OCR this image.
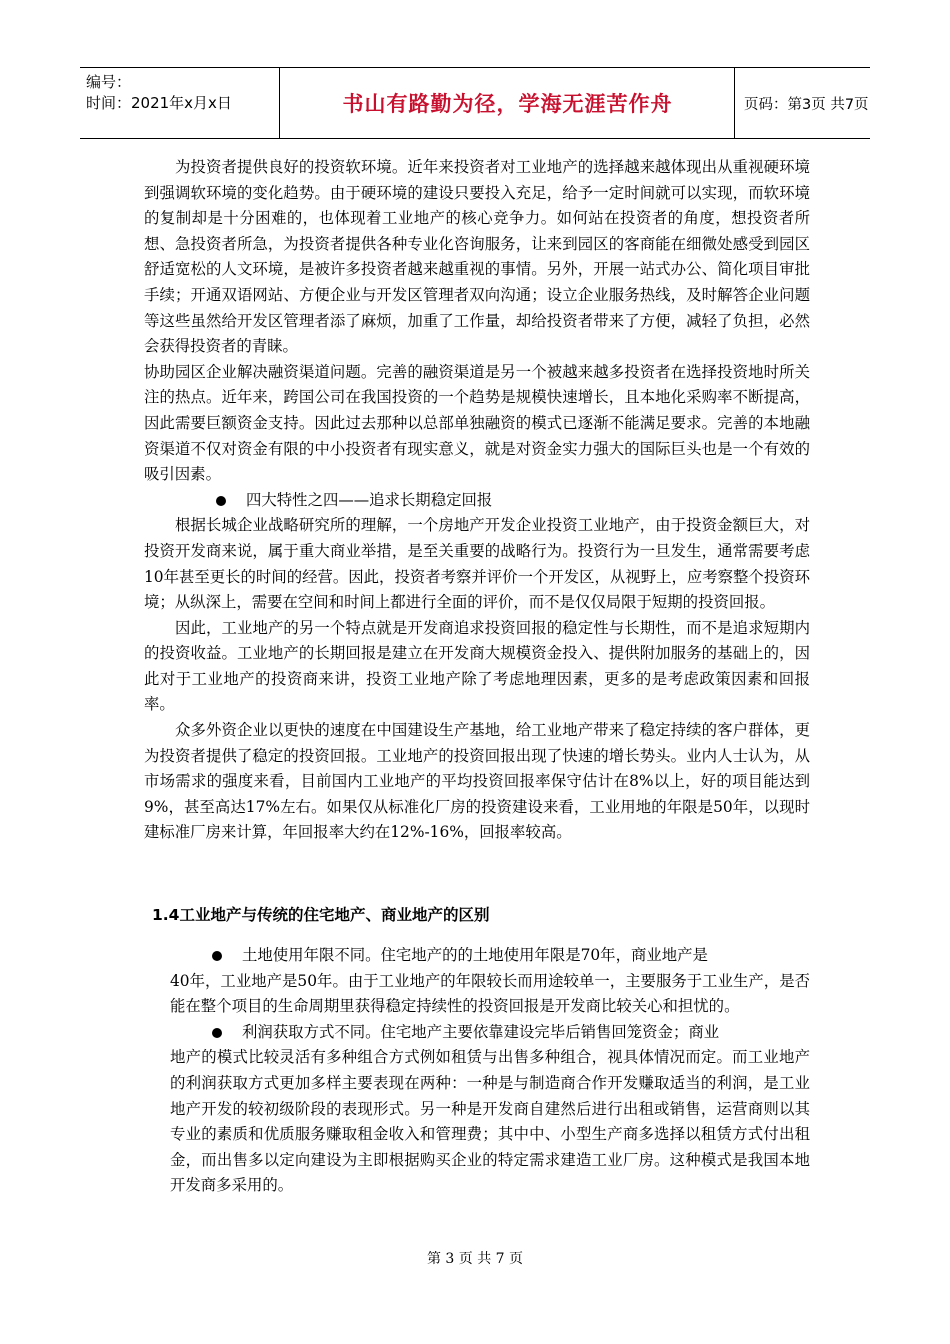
编号：
时间：2021年x月x日	书山有路勤为径，学海无涯苦作舟	页码：第3页 共7页

为投资者提供良好的投资软环境。近年来投资者对工业地产的选择越来越体现出从重视硬环境到强调软环境的变化趋势。由于硬环境的建设只要投入充足，给予一定时间就可以实现，而软环境的复制却是十分困难的，也体现着工业地产的核心竞争力。如何站在投资者的角度，想投资者所想、急投资者所急，为投资者提供各种专业化咨询服务，让来到园区的客商能在细微处感受到园区舒适宽松的人文环境，是被许多投资者越来越重视的事情。另外，开展一站式办公、简化项目审批手续；开通双语网站、方便企业与开发区管理者双向沟通；设立企业服务热线，及时解答企业问题等这些虽然给开发区管理者添了麻烦，加重了工作量，却给投资者带来了方便，减轻了负担，必然会获得投资者的青睐。

协助园区企业解决融资渠道问题。完善的融资渠道是另一个被越来越多投资者在选择投资地时所关注的热点。近年来，跨国公司在我国投资的一个趋势是规模快速增长，且本地化采购率不断提高，因此需要巨额资金支持。因此过去那种以总部单独融资的模式已逐渐不能满足要求。完善的本地融资渠道不仅对资金有限的中小投资者有现实意义，就是对资金实力强大的国际巨头也是一个有效的吸引因素。

四大特性之四——追求长期稳定回报

根据长城企业战略研究所的理解，一个房地产开发企业投资工业地产，由于投资金额巨大，对投资开发商来说，属于重大商业举措，是至关重要的战略行为。投资行为一旦发生，通常需要考虑10年甚至更长的时间的经营。因此，投资者考察并评价一个开发区，从视野上，应考察整个投资环境；从纵深上，需要在空间和时间上都进行全面的评价，而不是仅仅局限于短期的投资回报。

因此，工业地产的另一个特点就是开发商追求投资回报的稳定性与长期性，而不是追求短期内的投资收益。工业地产的长期回报是建立在开发商大规模资金投入、提供附加服务的基础上的，因此对于工业地产的投资商来讲，投资工业地产除了考虑地理因素，更多的是考虑政策因素和回报率。

众多外资企业以更快的速度在中国建设生产基地，给工业地产带来了稳定持续的客户群体，更为投资者提供了稳定的投资回报。工业地产的投资回报出现了快速的增长势头。业内人士认为，从市场需求的强度来看，目前国内工业地产的平均投资回报率保守估计在8%以上，好的项目能达到9%，甚至高达17%左右。如果仅从标准化厂房的投资建设来看，工业用地的年限是50年，以现时建标准厂房来计算，年回报率大约在12%-16%，回报率较高。

1.4工业地产与传统的住宅地产、商业地产的区别
土地使用年限不同。住宅地产的的土地使用年限是70年，商业地产是

40年，工业地产是50年。由于工业地产的年限较长而用途较单一，主要服务于工业生产，是否能在整个项目的生命周期里获得稳定持续性的投资回报是开发商比较关心和担忧的。

利润获取方式不同。住宅地产主要依靠建设完毕后销售回笼资金；商业

地产的模式比较灵活有多种组合方式例如租赁与出售多种组合，视具体情况而定。而工业地产的利润获取方式更加多样主要表现在两种：一种是与制造商合作开发赚取适当的利润，是工业地产开发的较初级阶段的表现形式。另一种是开发商自建然后进行出租或销售，运营商则以其专业的素质和优质服务赚取租金收入和管理费；其中中、小型生产商多选择以租赁方式付出租金，而出售多以定向建设为主即根据购买企业的特定需求建造工业厂房。这种模式是我国本地开发商多采用的。

第 3 页 共 7 页
